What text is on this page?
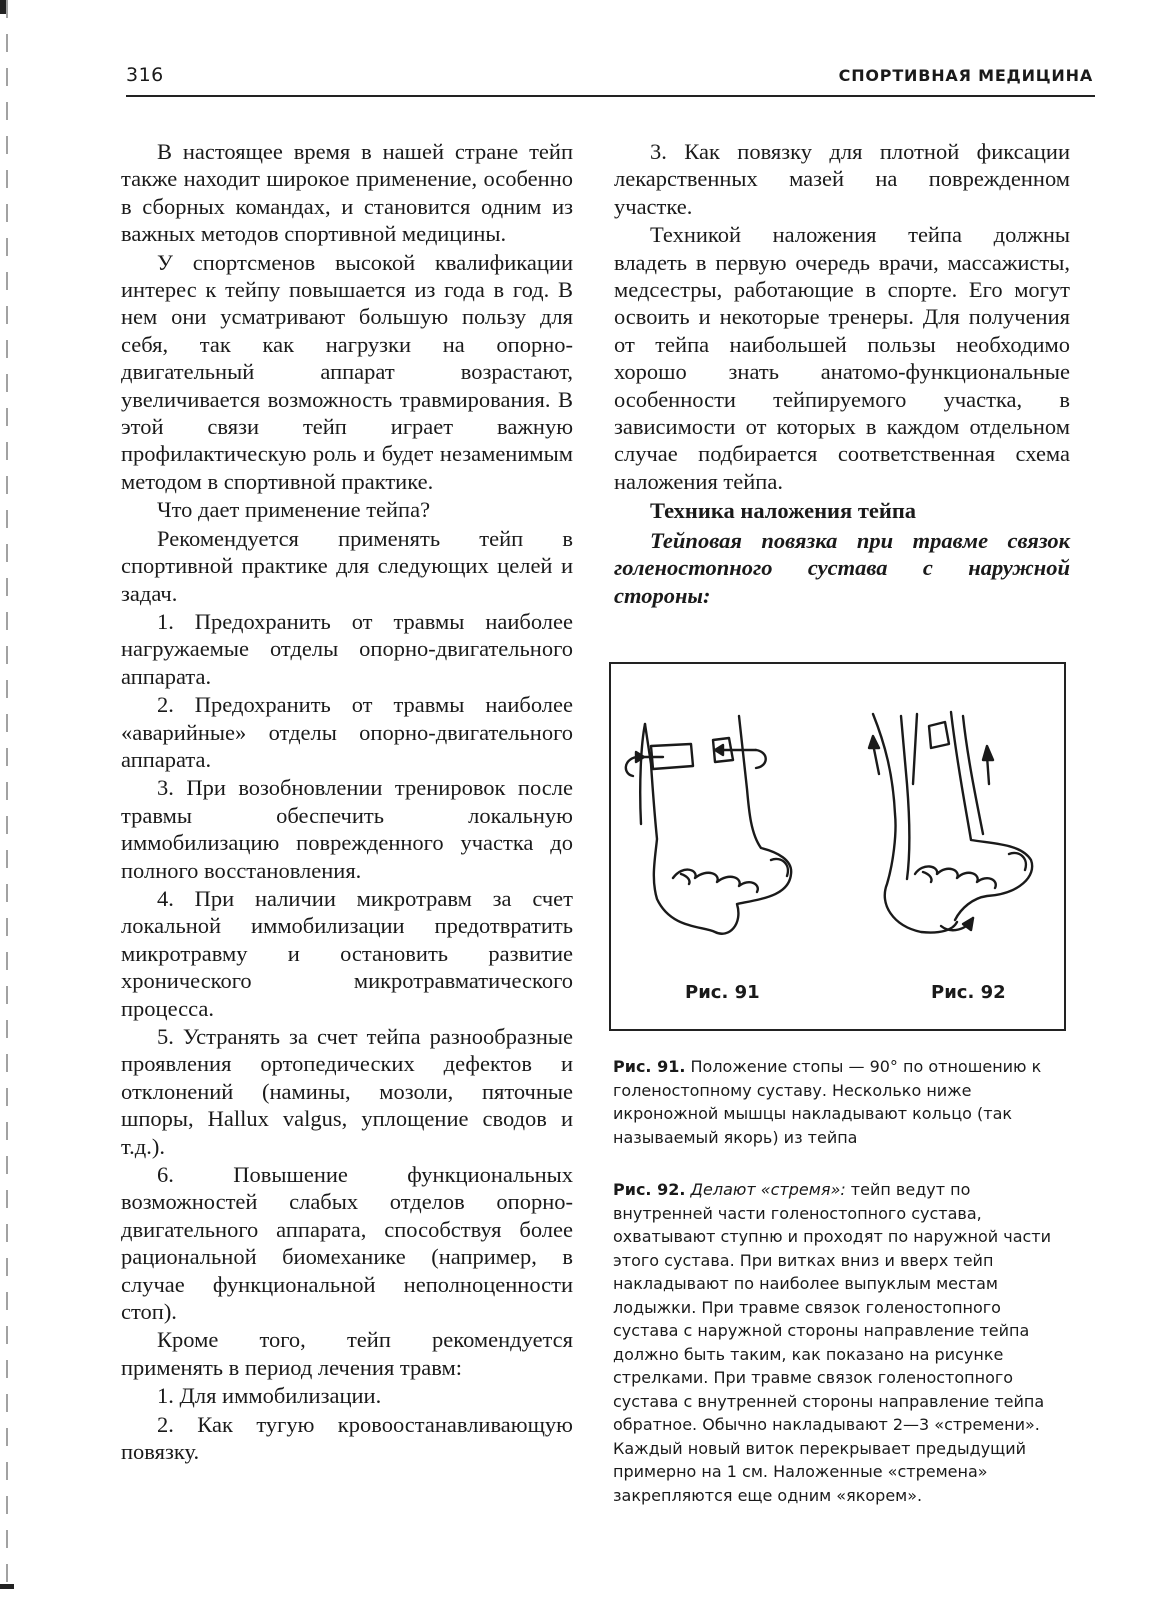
316	СПОРТИВНАЯ МЕДИЦИНА

В настоящее время в нашей стране тейп также находит широкое применение, особенно в сборных командах, и становится одним из важных методов спортивной медицины.

У спортсменов высокой квалификации интерес к тейпу повышается из года в год. В нем они усматривают большую пользу для себя, так как нагрузки на опорно-двигательный аппарат возрастают, увеличивается возможность травмирования. В этой связи тейп играет важную профилактическую роль и будет незаменимым методом в спортивной практике.

Что дает применение тейпа?

Рекомендуется применять тейп в спортивной практике для следующих целей и задач.

1. Предохранить от травмы наиболее нагружаемые отделы опорно-двигательного аппарата.

2. Предохранить от травмы наиболее «аварийные» отделы опорно-двигательного аппарата.

3. При возобновлении тренировок после травмы обеспечить локальную иммобилизацию поврежденного участка до полного восстановления.

4. При наличии микротравм за счет локальной иммобилизации предотвратить микротравму и остановить развитие хронического микротравматического процесса.

5. Устранять за счет тейпа разнообразные проявления ортопедических дефектов и отклонений (намины, мозоли, пяточные шпоры, Hallux valgus, уплощение сводов и т.д.).

6. Повышение функциональных возможностей слабых отделов опорно-двигательного аппарата, способствуя более рациональной биомеханике (например, в случае функциональной неполноценности стоп).

Кроме того, тейп рекомендуется применять в период лечения травм:

1. Для иммобилизации.

2. Как тугую кровоостанавливающую повязку.

3. Как повязку для плотной фиксации лекарственных мазей на поврежденном участке.

Техникой наложения тейпа должны владеть в первую очередь врачи, массажисты, медсестры, работающие в спорте. Его могут освоить и некоторые тренеры. Для получения от тейпа наибольшей пользы необходимо хорошо знать анатомо-функциональные особенности тейпируемого участка, в зависимости от которых в каждом отдельном случае подбирается соответственная схема наложения тейпа.

Техника наложения тейпа
Тейповая повязка при травме связок голеностопного сустава с наружной стороны:
Рис. 91	Рис. 92
Рис. 91. Положение стопы — 90° по отношению к голеностопному суставу. Несколько ниже икроножной мышцы накладывают кольцо (так называемый якорь) из тейпа
Рис. 92. Делают «стремя»: тейп ведут по внутренней части голеностопного сустава, охватывают ступню и проходят по наружной части этого сустава. При витках вниз и вверх тейп накладывают по наиболее выпуклым местам лодыжки. При травме связок голеностопного сустава с наружной стороны направление тейпа должно быть таким, как показано на рисунке стрелками. При травме связок голеностопного сустава с внутренней стороны направление тейпа обратное. Обычно накладывают 2—3 «стремени». Каждый новый виток перекрывает предыдущий примерно на 1 см. Наложенные «стремена» закрепляются еще одним «якорем».
